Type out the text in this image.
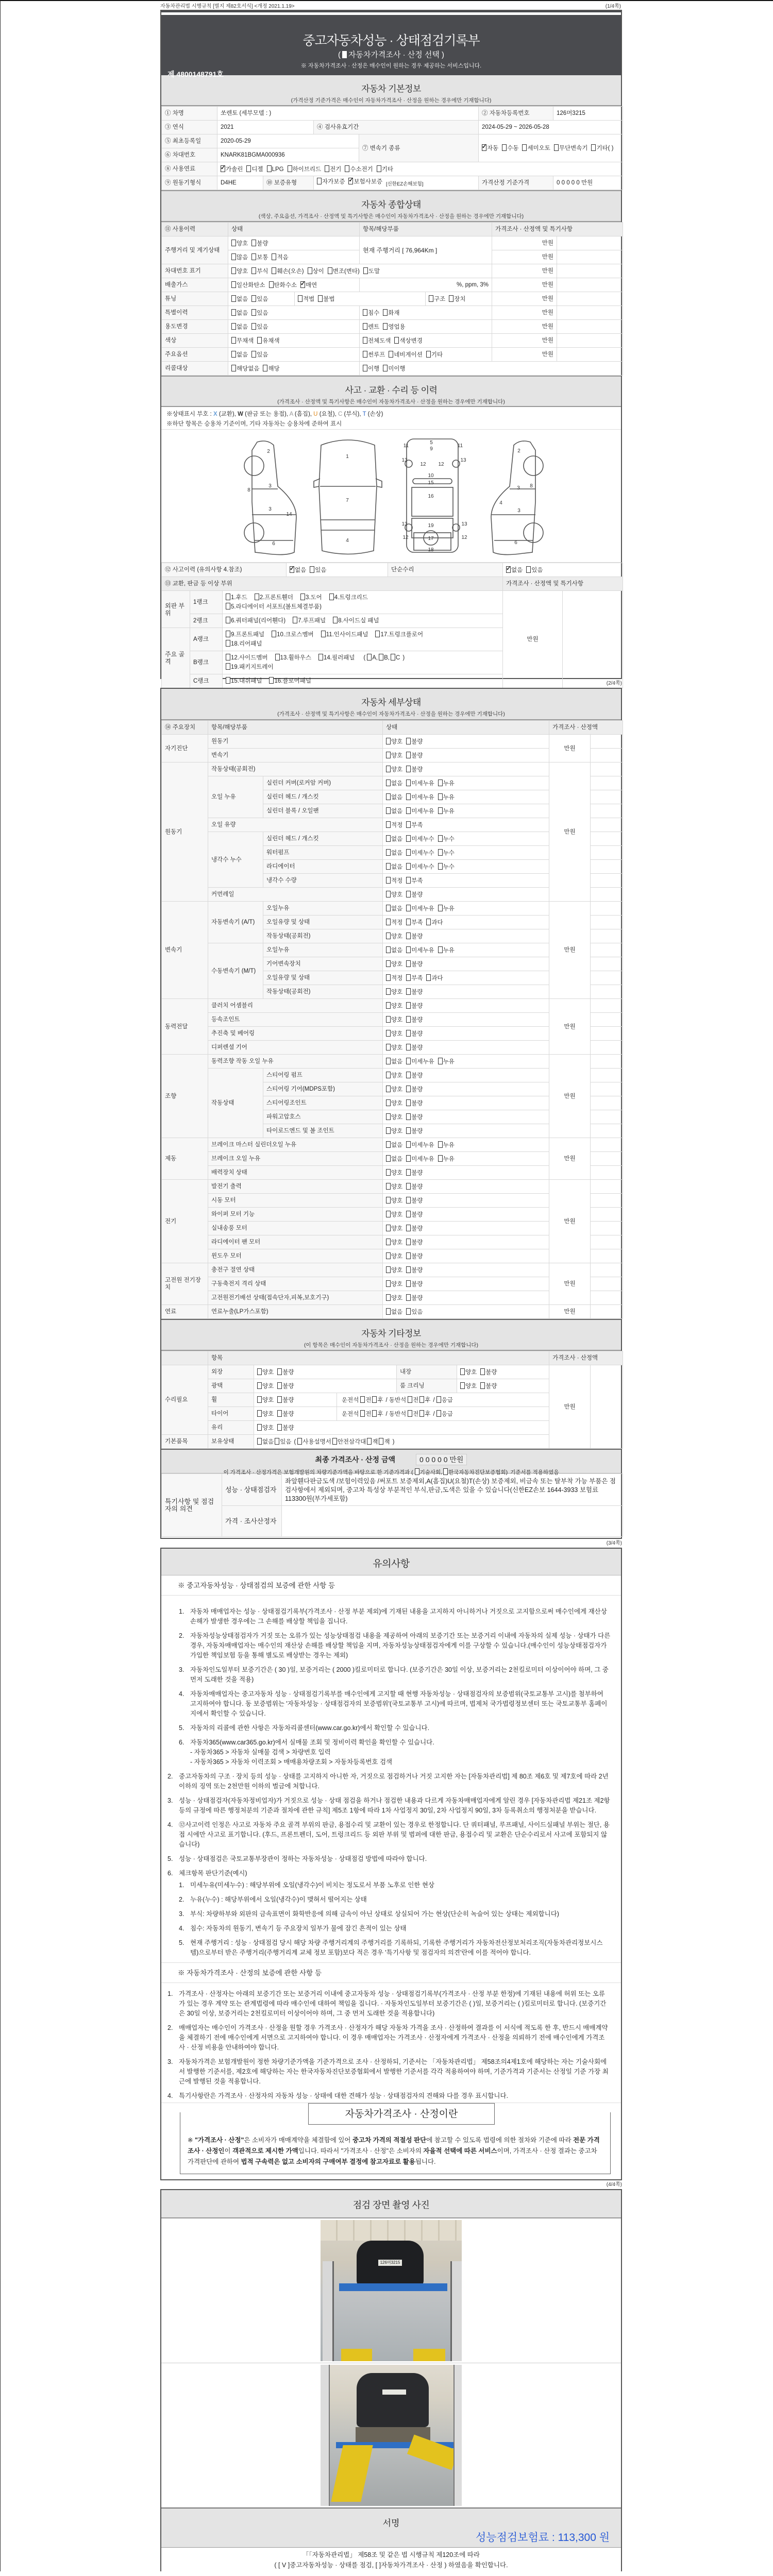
자동차관리법 시행규칙 [별지 제82호서식] <개정 2021.1.19>	(1/4쪽)
중고자동차성능 · 상태점검기록부
( 자동차가격조사 · 산정 선택 )
※ 자동차가격조사 · 산정은 매수인이 원하는 경우 제공하는 서비스입니다.
제 4800148791호
자동차 기본정보
(가격산정 기준가격은 매수인이 자동차가격조사 · 산정을 원하는 경우에만 기재합니다)
① 차명	쏘렌토 (세부모델 : )				② 자동차등록번호	126머3215
③ 연식	2021		④ 검사유효기간		2024-05-29 ~ 2026-05-28	
⑤ 최초등록일	2020-05-29			⑦ 변속기 종류	✓자동 수동 세미오토 무단변속기 기타( )
⑥ 차대번호	KNARK81BGMA000936					
⑧ 사용연료	✓가솔린 디젤 LPG 하이브리드 전기 수소전기 기타
⑨ 원동기형식	D4HE	⑩ 보증유형	자가보증 ✓ 보험사보증 $_{[신한EZ손해보험]}$		가격산정 기준가격	0 0 0 0 0 만원
자동차 종합상태
(색상, 주요옵션, 가격조사 · 산정액 및 특기사항은 매수인이 자동차가격조사 · 산정을 원하는 경우에만 기재합니다)
⑪ 사용이력	상태		항목/해당부품		가격조사 · 산정액 및 특기사항	
주행거리 및 계기상태	양호 불량		현재 주행거리 [ 76,964Km ]		만원	
	많음 보통 적음				만원	
차대번호 표기	양호 부식 훼손(오손) 상이 변조(변타) 도말				만원	
배출가스	일산화탄소 탄화수소 ✓ 매연		%, ppm, 3%		만원	
튜닝	없음 있음	적법 불법		구조 장치	만원	
특별이력	없음 있음		침수 화재		만원	
용도변경	없음 있음		렌트 영업용		만원	
색상	무채색 유채색		전체도색 색상변경		만원	
주요옵션	없음 있음		썬루프 네비게이션 기타		만원	
리콜대상	해당없음 해당		이행 미이행			
사고 · 교환 · 수리 등 이력
(가격조사 · 산정액 및 특기사항은 매수인이 자동차가격조사 · 산정을 원하는 경우에만 기재합니다)
※상태표시 부호 : X (교환), W (판금 또는 용접), A (흠집), U (요철), C (부식), T (손상)
※하단 항목은 승용차 기준이며, 기타 자동차는 승용차에 준하여 표시
2
8
3
14
3
6
1
7
4
5
9
11	11
13	13
12 12
10
15
16
13	13
19
12	12
17
18
2
3 8
4
3
6
⑫ 사고이력 (유의사항 4.참조)	✓없음 있음	단순수리	✓없음 있음
⑬ 교환, 판금 등 이상 부위					가격조사 · 산정액 및 특기사항	
외판 부위	1랭크	1.후드 2.프론트휀더 3.도어 4.트렁크리드
5.라디에이터 서포트(볼트체결부품)			만원	
	2랭크	6.쿼터패널(리어휀다) 7.루프패널 8.사이드실 패널				

주요 골격	A랭크	9.프론트패널 10.크로스멤버 11.인사이드패널 17.트렁크플로어
18.리어패널				

	B랭크	12.사이드멤버 13.휠하우스 14.필러패널 ( A, B, C )
19.패키지트레이				

	C랭크	15.대쉬패널 16.플로어패널					(2/4쪽)
자동차 세부상태
(가격조사 · 산정액 및 특기사항은 매수인이 자동차가격조사 · 산정을 원하는 경우에만 기재합니다)
⑭ 주요장치	항목/해당부품		상태	가격조사 · 산정액	
자기진단	원동기		양호 불량	만원	
	변속기		양호 불량		
원동기	작동상태(공회전)		양호 불량	만원	
	오일 누유	실린더 커버(로커암 커버)	없음 미세누유 누유		
		실린더 헤드 / 개스킷	없음 미세누유 누유		
		실린더 블록 / 오일팬	없음 미세누유 누유		
	오일 유량		적정 부족		
	냉각수 누수	실린더 헤드 / 개스킷	없음 미세누수 누수		
		워터펌프	없음 미세누수 누수		
		라디에이터	없음 미세누수 누수		
		냉각수 수량	적정 부족		
	커먼레일		양호 불량		
변속기	자동변속기 (A/T)	오일누유	없음 미세누유 누유	만원	
		오일유량 및 상태	적정 부족 과다		
		작동상태(공회전)	양호 불량		
	수동변속기 (M/T)	오일누유	없음 미세누유 누유		
		기어변속장치	양호 불량		
		오일유량 및 상태	적정 부족 과다		
		작동상태(공회전)	양호 불량		
동력전달	클러치 어셈블리		양호 불량	만원	
	등속조인트		양호 불량		
	추진축 및 베어링		양호 불량		
	디퍼렌셜 기어		양호 불량		
조향	동력조향 작동 오일 누유		없음 미세누유 누유	만원	
	작동상태	스티어링 펌프	양호 불량		
		스티어링 기어(MDPS포함)	양호 불량		
		스티어링조인트	양호 불량		
		파워고압호스	양호 불량		
		타이로드엔드 및 볼 조인트	양호 불량		
제동	브레이크 마스터 실린더오일 누유		없음 미세누유 누유	만원	
	브레이크 오일 누유		없음 미세누유 누유		
	배력장치 상태		양호 불량		
전기	발전기 출력		양호 불량	만원	
	시동 모터		양호 불량		
	와이퍼 모터 기능		양호 불량		
	실내송풍 모터		양호 불량		
	라디에이터 팬 모터		양호 불량		
	윈도우 모터		양호 불량		
고전원 전기장치	충전구 절연 상태		양호 불량	만원	
	구동축전지 격리 상태		양호 불량		
	고전원전기배선 상태(접속단자,피복,보호기구)		양호 불량		
연료	연료누출(LP가스포함)		없음 있음	만원	
자동차 기타정보
(이 항목은 매수인이 자동차가격조사 · 산정을 원하는 경우에만 기재합니다)
	항목					가격조사 · 산정액	
수리필요	외장	양호 불량		내장	양호 불량	만원	
	광택	양호 불량		룸 크리닝	양호 불량		
	휠	양호 불량	운전석 전 후 / 동반석 전 후 / 응급				
	타이어	양호 불량	운전석 전 후 / 동반석 전 후 / 응급				
	유리	양호 불량					
기본품목	보유상태	없음 있음 ( 사용설명서 안전삼각대 잭 잭 )					
최종 가격조사 · 산정 금액	0 0 0 0 0 만원
이 가격조사 · 산정가격은 보험개발원의 차량기준가액을 바탕으로 한 기준가격과 ( 기술사회, 한국자동차진단보증협회) 기준서를 적용하였음
특기사항 및 점검자의 의견	성능 · 상태점검자	좌앞휀다판금도색 /보험이력있음 /써포트 보증제외,A(흠집)U(요철)T(손상) 보증제외, 비금속 또는 탈부착 가능 부품은 점검사항에서 제외되며, 중고차 특성상 부분적인 부식,판금,도색은 있을 수 있습니다(신한EZ손보 1644-3933 보험료 113300원(부가세포함)
	가격 · 조사산정자	
(3/4쪽)
유의사항
※ 중고자동차성능 · 상태점검의 보증에 관한 사항 등
1. 자동차 매매업자는 성능 · 상태점검기록부(가격조사 · 산정 부분 제외)에 기재된 내용을 고지하지 아니하거나 거짓으로 고지함으로써 매수인에게 재산상 손해가 발생한 경우에는 그 손해를 배상할 책임을 집니다.
2. 자동차성능상태점검자가 거짓 또는 오류가 있는 성능상태점검 내용을 제공하여 아래의 보증기간 또는 보증거리 이내에 자동차의 실제 성능 · 상태가 다른 경우, 자동차매매업자는 매수인의 재산상 손해를 배상할 책임을 지며, 자동차성능상태점검자에게 이를 구상할 수 있습니다.(매수인이 성능상태점검자가 가입한 책임보험 등을 통해 별도로 배상받는 경우는 제외)
3. 자동차인도일부터 보증기간은 ( 30 )일, 보증거리는 ( 2000 )킬로미터로 합니다. (보증기간은 30일 이상, 보증거리는 2천킬로미터 이상이어야 하며, 그 중 먼저 도래한 것을 적용)
4. 자동차매매업자는 중고자동차 성능 · 상태점검기록부를 매수인에게 고지할 때 현행 자동차성능 · 상태점검자의 보증범위(국토교통부 고시)를 첨부하여 고지하여야 합니다. 동 보증범위는 '자동차성능 · 상태점검자의 보증범위'(국토교통부 고시)에 따르며, 법제처 국가법령정보센터 또는 국토교통부 홈페이지에서 확인할 수 있습니다.
5. 자동차의 리콜에 관한 사항은 자동차리콜센터(www.car.go.kr)에서 확인할 수 있습니다.
6. 자동차365(www.car365.go.kr)에서 실매물 조회 및 정비이력 확인을 확인할 수 있습니다.
- 자동차365 > 자동차 실매물 검색 > 차량번호 입력
- 자동차365 > 자동차 이력조회 > 매매용차량조회 > 자동차등록번호 검색
2. 중고자동차의 구조 · 장치 등의 성능 · 상태를 고지하지 아니한 자, 거짓으로 점검하거나 거짓 고지한 자는 [자동차관리법] 제 80조 제6호 및 제7호에 따라 2년 이하의 징역 또는 2천만원 이하의 벌금에 처합니다.
3. 성능 · 상태점검자(자동차정비업자)가 거짓으로 성능 · 상태 점검을 하거나 점검한 내용과 다르게 자동차매매업자에게 알린 경우 [자동차관리법 제21조 제2항 등의 규정에 따른 행정처분의 기준과 절차에 관한 규칙] 제5조 1항에 따라 1차 사업정지 30일, 2차 사업정지 90일, 3차 등록취소의 행정처분을 받습니다.
4. ⑫사고이력 인정은 사고로 자동차 주요 골격 부위의 판금, 용접수리 및 교환이 있는 경우로 한정합니다. 단 쿼터패널, 루프패널, 사이드실패널 부위는 절단, 용접 시에만 사고로 표기합니다. (후드, 프론트펜더, 도어, 트렁크리드 등 외판 부위 및 범퍼에 대한 판금, 용접수리 및 교환은 단순수리로서 사고에 포함되지 않습니다)
5. 성능 · 상태점검은 국토교통부장관이 정하는 자동차성능 · 상태점검 방법에 따라야 합니다.
6. 체크항목 판단기준(예시)
1. 미세누유(미세누수) : 해당부위에 오일(냉각수)이 비치는 정도로서 부품 노후로 인한 현상
2. 누유(누수) : 해당부위에서 오일(냉각수)이 맺혀서 떨어지는 상태
3. 부식: 차량하부와 외판의 금속표면이 화학반응에 의해 금속이 아닌 상태로 상실되어 가는 현상(단순히 녹슬어 있는 상태는 제외합니다)
4. 침수: 자동차의 원동기, 변속기 등 주요장치 일부가 물에 잠긴 흔적이 있는 상태
5. 현재 주행거리 : 성능 · 상태점검 당시 해당 차량 주행거리계의 주행거리를 기록하되, 기록한 주행거리가 자동차전산정보처리조직(자동차관리정보시스템)으로부터 받은 주행거리(주행거리계 교체 정보 포함)보다 적은 경우 '특기사항 및 점검자의 의견'란에 이를 적어야 합니다.
※ 자동차가격조사 · 산정의 보증에 관한 사항 등
1. 가격조사 · 산정자는 아래의 보증기간 또는 보증거리 이내에 중고자동차 성능 · 상태점검기록부(가격조사 · 산정 부분 한정)에 기재된 내용에 허위 또는 오류가 있는 경우 계약 또는 관계법령에 따라 매수인에 대하여 책임을 집니다. · 자동차인도일부터 보증기간은 ( )일, 보증거리는 ( )킬로미터로 합니다. (보증기간은 30일 이상, 보증거리는 2천킬로미터 이상이어야 하며, 그 중 먼저 도래한 것을 적용합니다)
2. 매매업자는 매수인이 가격조사 · 산정을 원할 경우 가격조사 · 산정자가 해당 자동차 가격을 조사 · 산정하여 결과를 이 서식에 적도록 한 후, 반드시 매매계약을 체결하기 전에 매수인에게 서면으로 고지하여야 합니다. 이 경우 매매업자는 가격조사 · 산정자에게 가격조사 · 산정을 의뢰하기 전에 매수인에게 가격조사 · 산정 비용을 안내하여야 합니다.
3. 자동차가격은 보험개발원이 정한 차량기준가액을 기준가격으로 조사 · 산정하되, 기준서는 「자동차관리법」 제58조의4제1호에 해당하는 자는 기술사회에서 발행한 기준서를, 제2호에 해당하는 자는 한국자동차진단보증협회에서 발행한 기준서를 각각 적용하여야 하며, 기준가격과 기준서는 산정일 기준 가장 최근에 발행된 것을 적용합니다.
4. 특기사항란은 가격조사 · 산정자의 자동차 성능 · 상태에 대한 견해가 성능 · 상태점검자의 견해와 다를 경우 표시합니다.
자동차가격조사 · 산정이란
※ "가격조사 · 산정"은 소비자가 매매계약을 체결함에 있어 중고차 가격의 적절성 판단에 참고할 수 있도록 법령에 의한 절차와 기준에 따라 전문 가격조사 · 산정인이 객관적으로 제시한 가액입니다. 따라서 "가격조사 · 산정"은 소비자의 자율적 선택에 따른 서비스이며, 가격조사 · 산정 결과는 중고차 가격판단에 관하여 법적 구속력은 없고 소비자의 구매여부 결정에 참고자료로 활용됩니다.
(4/4쪽)
점검 장면 촬영 사진
126머3215
서명
성능점검보험료 : 113,300 원
「「자동차관리법」 제58조 및 같은 법 시행규칙 제120조에 따라
( [ V ]중고자동차성능 · 상태를 점검, [ ]자동차가격조사 · 산정 ) 하였음을 확인합니다.
